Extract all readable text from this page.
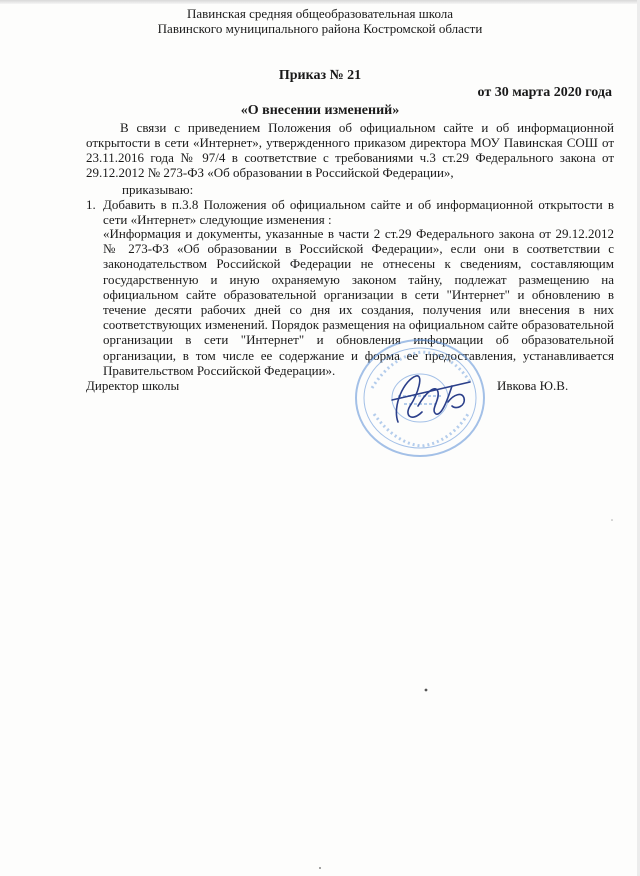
Павинская средняя общеобразовательная школа
Павинского муниципального района Костромской области
Приказ № 21
от 30 марта 2020 года
«О внесении изменений»
В связи с приведением Положения об официальном сайте и об информационной открытости в сети «Интернет», утвержденного приказом директора МОУ Павинская СОШ от 23.11.2016 года № 97/4 в соответствие с требованиями ч.3 ст.29 Федерального закона от 29.12.2012 № 273-ФЗ «Об образовании в Российской Федерации»,
приказываю:
1. Добавить в п.3.8 Положения об официальном сайте и об информационной открытости в сети «Интернет» следующие изменения :
«Информация и документы, указанные в части 2 ст.29 Федерального закона от 29.12.2012 № 273-ФЗ «Об образовании в Российской Федерации», если они в соответствии с законодательством Российской Федерации не отнесены к сведениям, составляющим государственную и иную охраняемую законом тайну, подлежат размещению на официальном сайте образовательной организации в сети "Интернет" и обновлению в течение десяти рабочих дней со дня их создания, получения или внесения в них соответствующих изменений. Порядок размещения на официальном сайте образовательной организации в сети "Интернет" и обновления информации об образовательной организации, в том числе ее содержание и форма ее предоставления, устанавливается Правительством Российской Федерации».
Директор школы	Ивкова Ю.В.
